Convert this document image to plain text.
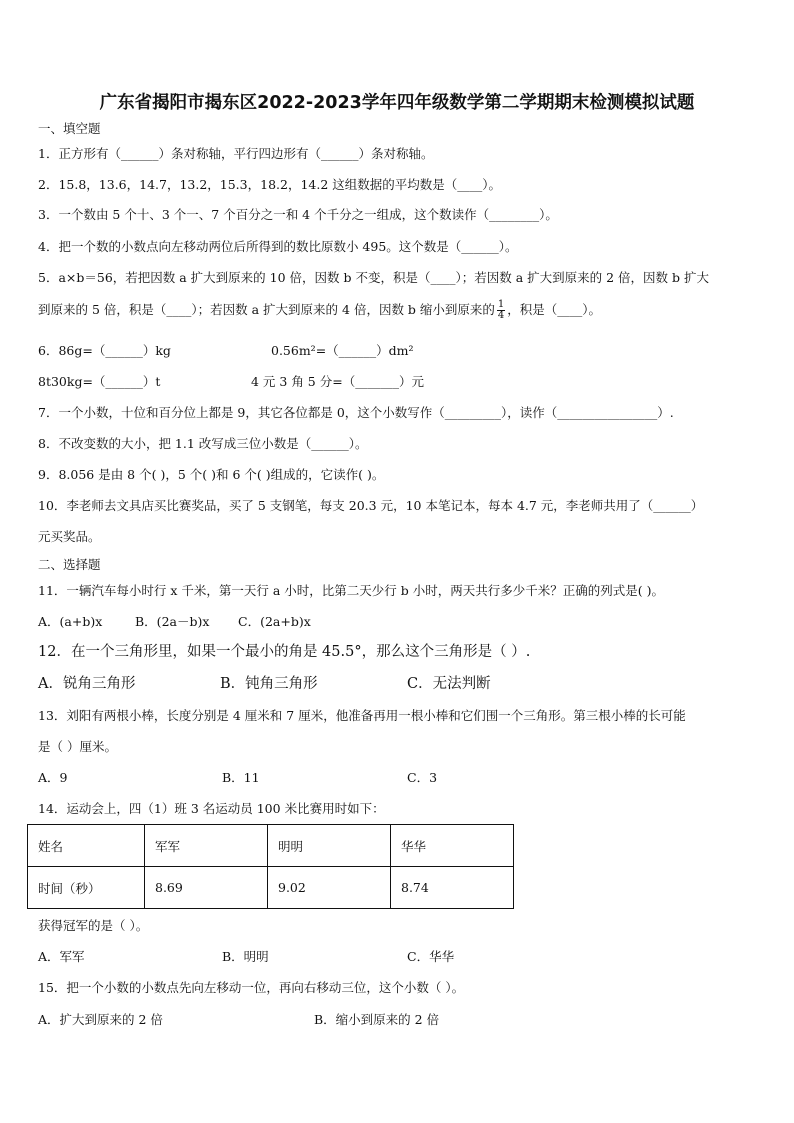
广东省揭阳市揭东区2022-2023学年四年级数学第二学期期末检测模拟试题
一、填空题
1．正方形有（______）条对称轴，平行四边形有（______）条对称轴。
2．15.8，13.6，14.7，13.2，15.3，18.2，14.2 这组数据的平均数是（____）。
3．一个数由 5 个十、3 个一、7 个百分之一和 4 个千分之一组成，这个数读作（________）。
4．把一个数的小数点向左移动两位后所得到的数比原数小 495。这个数是（______）。
5．a×b＝56，若把因数 a 扩大到原来的 10 倍，因数 b 不变，积是（____）；若因数 a 扩大到原来的 2 倍，因数 b 扩大
到原来的 5 倍，积是（____）；若因数 a 扩大到原来的 4 倍，因数 b 缩小到原来的 $\frac{1}{4}$ ，积是（____）。
6．86g=（______）kg	0.56m²=（______）dm²
8t30kg=（______）t	4 元 3 角 5 分=（_______）元
7．一个小数，十位和百分位上都是 9，其它各位都是 0，这个小数写作（_________），读作（________________）.
8．不改变数的大小，把 1.1 改写成三位小数是（______）。
9．8.056 是由 8 个( )，5 个( )和 6 个( )组成的，它读作( )。
10．李老师去文具店买比赛奖品，买了 5 支钢笔，每支 20.3 元，10 本笔记本，每本 4.7 元，李老师共用了（______）
元买奖品。
二、选择题
11．一辆汽车每小时行 x 千米，第一天行 a 小时，比第二天少行 b 小时，两天共行多少千米？正确的列式是( )。
A．(a+b)x	B．(2a－b)x C．(2a+b)x
12．在一个三角形里，如果一个最小的角是 45.5°，那么这个三角形是（ ）.
A．锐角三角形	B．钝角三角形	C．无法判断
13．刘阳有两根小棒，长度分别是 4 厘米和 7 厘米，他准备再用一根小棒和它们围一个三角形。第三根小棒的长可能
是（ ）厘米。
A．9	B．11	C．3
14．运动会上，四（1）班 3 名运动员 100 米比赛用时如下：
姓名	军军	明明	华华
时间（秒）	8.69	9.02	8.74
获得冠军的是（ ）。
A．军军	B．明明	C．华华
15．把一个小数的小数点先向左移动一位，再向右移动三位，这个小数（ ）。
A．扩大到原来的 2 倍	B．缩小到原来的 2 倍
